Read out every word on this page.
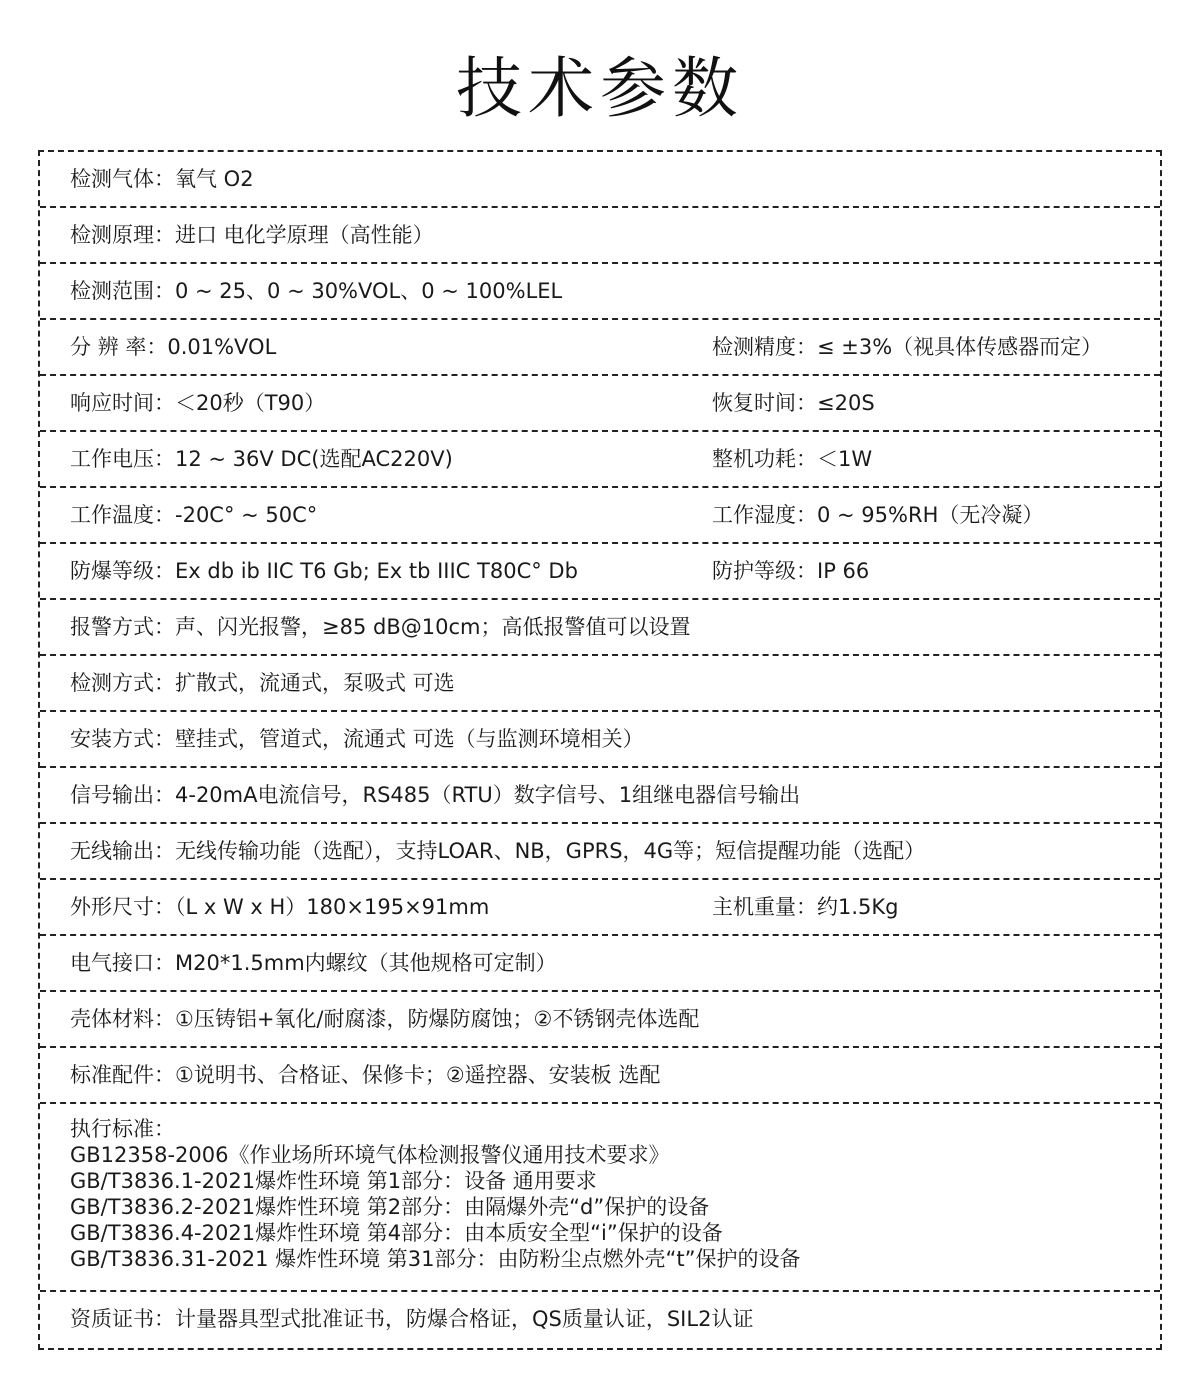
技术参数
检测气体：氧气 O2
检测原理：进口 电化学原理（高性能）
检测范围：0 ~ 25、0 ~ 30%VOL、0 ~ 100%LEL
分 辨 率：0.01%VOL	检测精度：≤ ±3%（视具体传感器而定）
响应时间：＜20秒（T90）	恢复时间：≤20S
工作电压：12 ~ 36V DC(选配AC220V)	整机功耗：＜1W
工作温度：-20C° ~ 50C°	工作湿度：0 ~ 95%RH（无冷凝）
防爆等级：Ex db ib IIC T6 Gb; Ex tb IIIC T80C° Db	防护等级：IP 66
报警方式：声、闪光报警，≥85 dB@10cm；高低报警值可以设置
检测方式：扩散式，流通式，泵吸式 可选
安装方式：壁挂式，管道式，流通式 可选（与监测环境相关）
信号输出：4-20mA电流信号，RS485（RTU）数字信号、1组继电器信号输出
无线输出：无线传输功能（选配），支持LOAR、NB，GPRS，4G等；短信提醒功能（选配）
外形尺寸：（L x W x H）180×195×91mm	主机重量：约1.5Kg
电气接口：M20*1.5mm内螺纹（其他规格可定制）
壳体材料：①压铸铝+氧化/耐腐漆，防爆防腐蚀；②不锈钢壳体选配
标准配件：①说明书、合格证、保修卡；②遥控器、安装板 选配
执行标准：
GB12358-2006《作业场所环境气体检测报警仪通用技术要求》
GB/T3836.1-2021爆炸性环境 第1部分：设备 通用要求
GB/T3836.2-2021爆炸性环境 第2部分：由隔爆外壳“d”保护的设备
GB/T3836.4-2021爆炸性环境 第4部分：由本质安全型“i”保护的设备
GB/T3836.31-2021 爆炸性环境 第31部分：由防粉尘点燃外壳“t”保护的设备
资质证书：计量器具型式批准证书，防爆合格证，QS质量认证，SIL2认证
